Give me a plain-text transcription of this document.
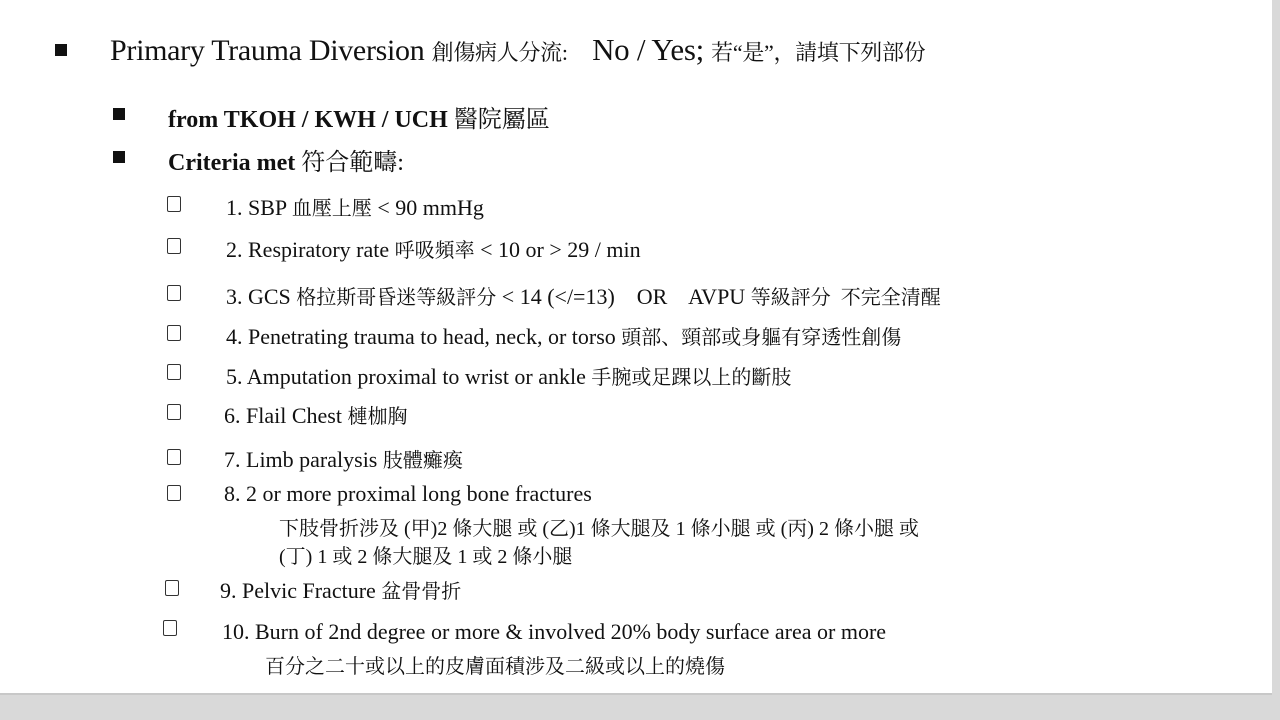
Primary Trauma Diversion 創傷病人分流: No / Yes; 若“是”，請填下列部份
from TKOH / KWH / UCH 醫院屬區
Criteria met 符合範疇:
1. SBP 血壓上壓 < 90 mmHg
2. Respiratory rate 呼吸頻率 < 10 or > 29 / min
3. GCS 格拉斯哥昏迷等級評分 < 14 (</=13)    OR    AVPU 等級評分  不完全清醒
4. Penetrating trauma to head, neck, or torso 頭部、頸部或身軀有穿透性創傷
5. Amputation proximal to wrist or ankle 手腕或足踝以上的斷肢
6. Flail Chest 槤枷胸
7. Limb paralysis 肢體癱瘓
8. 2 or more proximal long bone fractures
下肢骨折涉及 (甲)2 條大腿 或 (乙)1 條大腿及 1 條小腿 或 (丙) 2 條小腿 或
(丁) 1 或 2 條大腿及 1 或 2 條小腿
9. Pelvic Fracture 盆骨骨折
10. Burn of 2nd degree or more & involved 20% body surface area or more
百分之二十或以上的皮膚面積涉及二級或以上的燒傷
